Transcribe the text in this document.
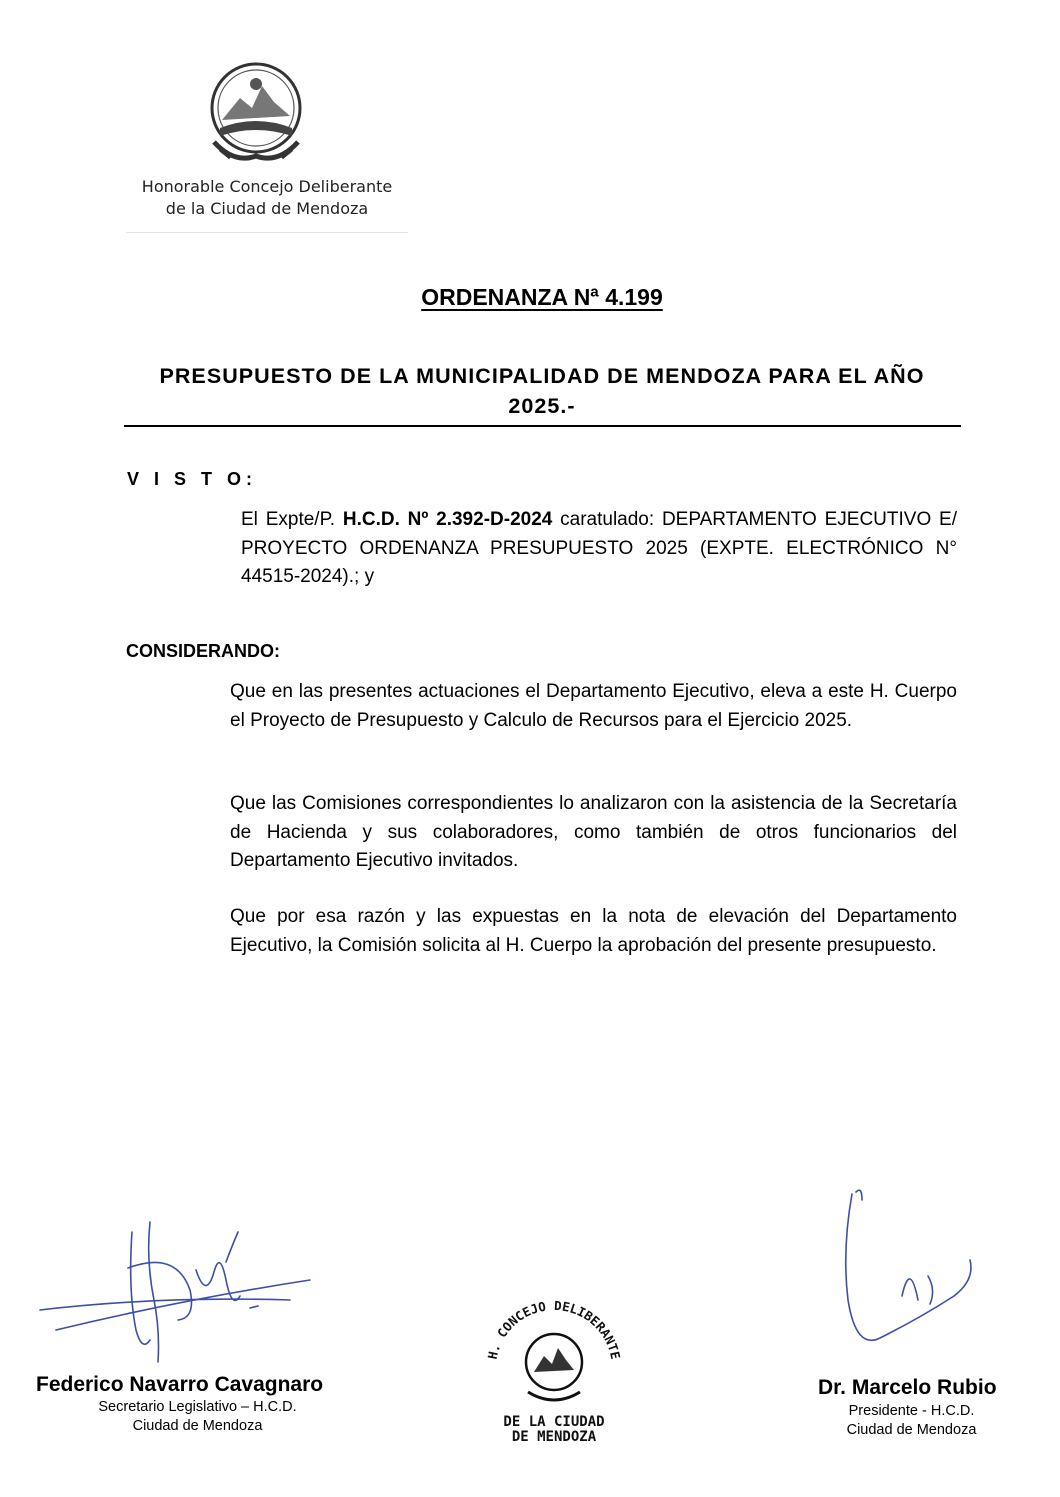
Honorable Concejo Deliberante
de la Ciudad de Mendoza
ORDENANZA Nª 4.199
PRESUPUESTO DE LA MUNICIPALIDAD DE MENDOZA PARA EL AÑO 2025.-
V I S T O:
El Expte/P. H.C.D. Nº 2.392-D-2024 caratulado: DEPARTAMENTO EJECUTIVO E/ PROYECTO ORDENANZA PRESUPUESTO 2025 (EXPTE. ELECTRÓNICO N° 44515-2024).; y
CONSIDERANDO:
Que en las presentes actuaciones el Departamento Ejecutivo, eleva a este H. Cuerpo el Proyecto de Presupuesto y Calculo de Recursos para el Ejercicio 2025.
Que las Comisiones correspondientes lo analizaron con la asistencia de la Secretaría de Hacienda y sus colaboradores, como también de otros funcionarios del Departamento Ejecutivo invitados.
Que por esa razón y las expuestas en la nota de elevación del Departamento Ejecutivo, la Comisión solicita al H. Cuerpo la aprobación del presente presupuesto.
Federico Navarro Cavagnaro
Secretario Legislativo – H.C.D.
Ciudad de Mendoza
Dr. Marcelo Rubio
Presidente - H.C.D.
Ciudad de Mendoza
H. CONCEJO DELIBERANTE
DE LA CIUDAD
DE MENDOZA
